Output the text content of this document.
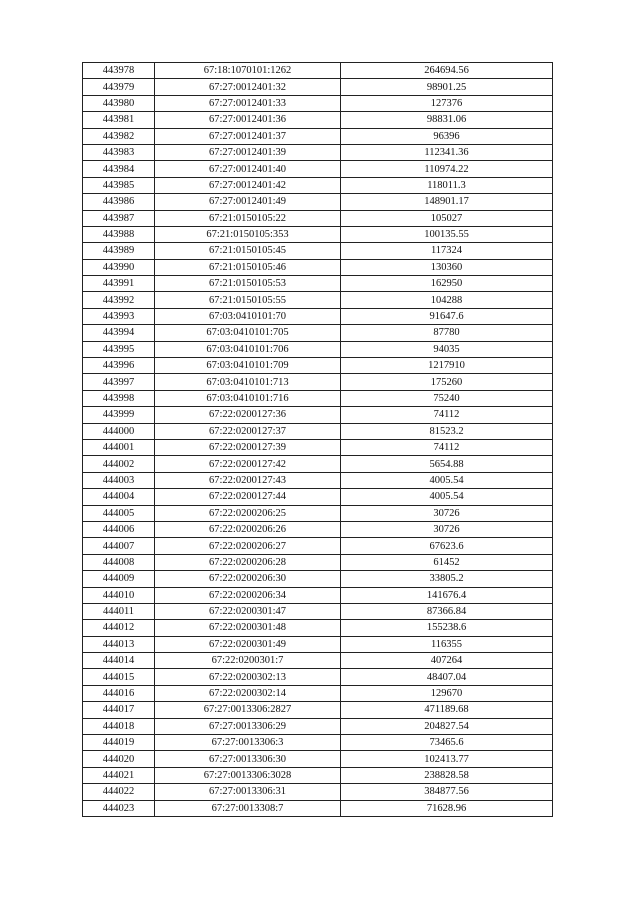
443978	67:18:1070101:1262	264694.56
443979	67:27:0012401:32	98901.25
443980	67:27:0012401:33	127376
443981	67:27:0012401:36	98831.06
443982	67:27:0012401:37	96396
443983	67:27:0012401:39	112341.36
443984	67:27:0012401:40	110974.22
443985	67:27:0012401:42	118011.3
443986	67:27:0012401:49	148901.17
443987	67:21:0150105:22	105027
443988	67:21:0150105:353	100135.55
443989	67:21:0150105:45	117324
443990	67:21:0150105:46	130360
443991	67:21:0150105:53	162950
443992	67:21:0150105:55	104288
443993	67:03:0410101:70	91647.6
443994	67:03:0410101:705	87780
443995	67:03:0410101:706	94035
443996	67:03:0410101:709	1217910
443997	67:03:0410101:713	175260
443998	67:03:0410101:716	75240
443999	67:22:0200127:36	74112
444000	67:22:0200127:37	81523.2
444001	67:22:0200127:39	74112
444002	67:22:0200127:42	5654.88
444003	67:22:0200127:43	4005.54
444004	67:22:0200127:44	4005.54
444005	67:22:0200206:25	30726
444006	67:22:0200206:26	30726
444007	67:22:0200206:27	67623.6
444008	67:22:0200206:28	61452
444009	67:22:0200206:30	33805.2
444010	67:22:0200206:34	141676.4
444011	67:22:0200301:47	87366.84
444012	67:22:0200301:48	155238.6
444013	67:22:0200301:49	116355
444014	67:22:0200301:7	407264
444015	67:22:0200302:13	48407.04
444016	67:22:0200302:14	129670
444017	67:27:0013306:2827	471189.68
444018	67:27:0013306:29	204827.54
444019	67:27:0013306:3	73465.6
444020	67:27:0013306:30	102413.77
444021	67:27:0013306:3028	238828.58
444022	67:27:0013306:31	384877.56
444023	67:27:0013308:7	71628.96
